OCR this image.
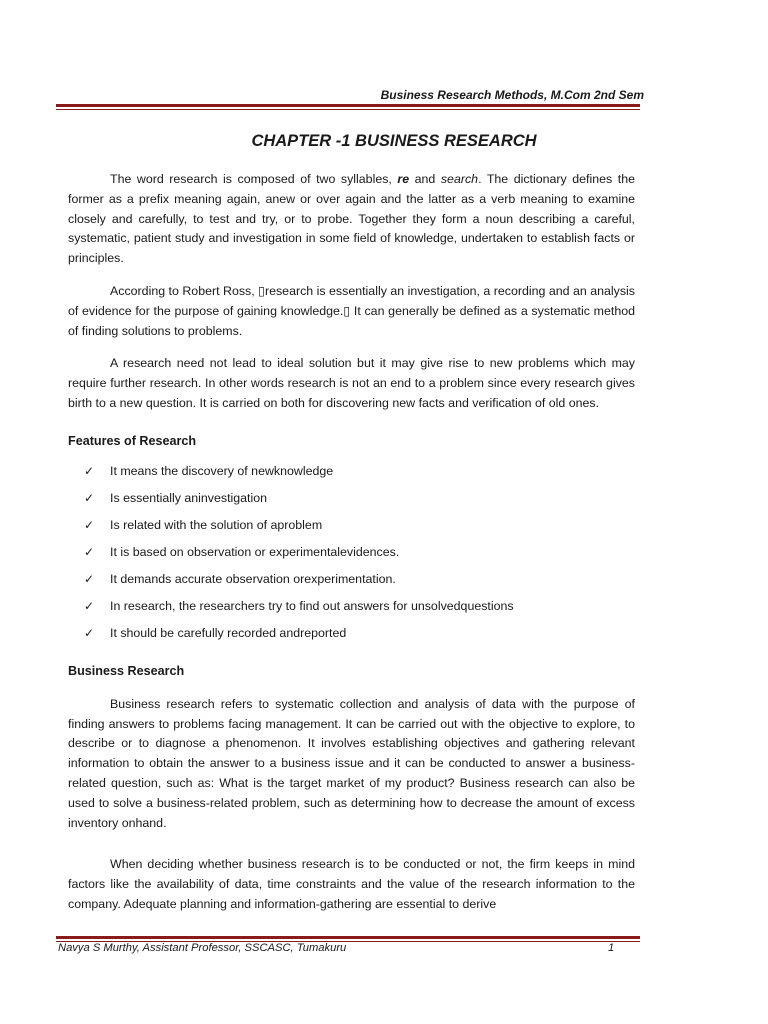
Business Research Methods, M.Com 2nd Sem
CHAPTER -1 BUSINESS RESEARCH

The word research is composed of two syllables, re and search. The dictionary defines the former as a prefix meaning again, anew or over again and the latter as a verb meaning to examine closely and carefully, to test and try, or to probe. Together they form a noun describing a careful, systematic, patient study and investigation in some field of knowledge, undertaken to establish facts or principles.

According to Robert Ross, ▯research is essentially an investigation, a recording and an analysis of evidence for the purpose of gaining knowledge.▯ It can generally be defined as a systematic method of finding solutions to problems.

A research need not lead to ideal solution but it may give rise to new problems which may require further research. In other words research is not an end to a problem since every research gives birth to a new question. It is carried on both for discovering new facts and verification of old ones.

Features of Research
✓ It means the discovery of newknowledge
✓ Is essentially aninvestigation
✓ Is related with the solution of aproblem
✓ It is based on observation or experimentalevidences.
✓ It demands accurate observation orexperimentation.
✓ In research, the researchers try to find out answers for unsolvedquestions
✓ It should be carefully recorded andreported
Business Research

Business research refers to systematic collection and analysis of data with the purpose of finding answers to problems facing management. It can be carried out with the objective to explore, to describe or to diagnose a phenomenon. It involves establishing objectives and gathering relevant information to obtain the answer to a business issue and it can be conducted to answer a business- related question, such as: What is the target market of my product? Business research can also be used to solve a business-related problem, such as determining how to decrease the amount of excess inventory onhand.

When deciding whether business research is to be conducted or not, the firm keeps in mind factors like the availability of data, time constraints and the value of the research information to the company. Adequate planning and information-gathering are essential to derive

Navya S Murthy, Assistant Professor, SSCASC, Tumakuru	1
